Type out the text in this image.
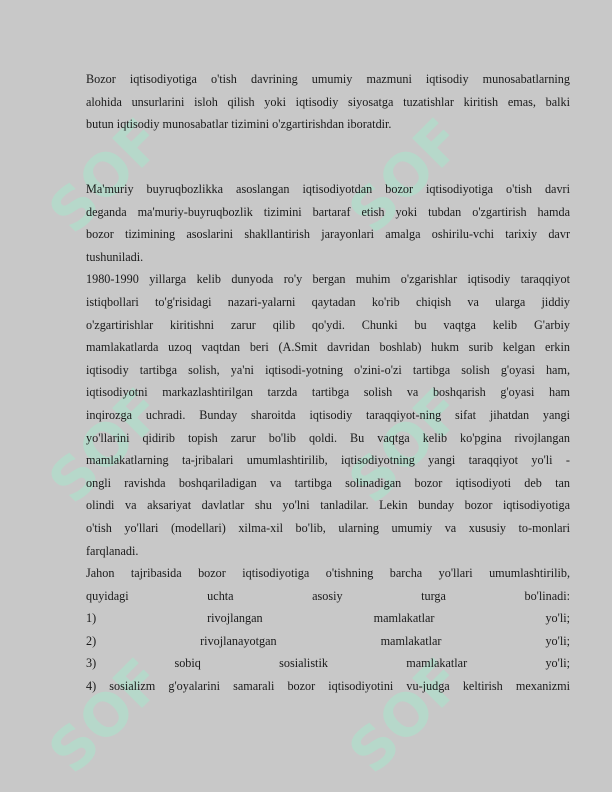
SOF	SOF
SOF	SOF
SOF	SOF
Bozor iqtisodiyotiga o'tish davrining umumiy mazmuni iqtisodiy munosabatlarning
alohida unsurlarini isloh qilish yoki iqtisodiy siyosatga tuzatishlar kiritish emas, balki
butun iqtisodiy munosabatlar tizimini o'zgartirishdan iboratdir.
Ma'muriy buyruqbozlikka asoslangan iqtisodiyotdan bozor iqtisodiyotiga o'tish davri
deganda ma'muriy-buyruqbozlik tizimini bartaraf etish yoki tubdan o'zgartirish hamda
bozor tizimining asoslarini shakllantirish jarayonlari amalga oshirilu-vchi tarixiy davr
tushuniladi.
1980-1990 yillarga kelib dunyoda ro'y bergan muhim o'zgarishlar iqtisodiy taraqqiyot
istiqbollari to'g'risidagi nazari-yalarni qaytadan ko'rib chiqish va ularga jiddiy
o'zgartirishlar kiritishni zarur qilib qo'ydi. Chunki bu vaqtga kelib G'arbiy
mamlakatlarda uzoq vaqtdan beri (A.Smit davridan boshlab) hukm surib kelgan erkin
iqtisodiy tartibga solish, ya'ni iqtisodi-yotning o'zini-o'zi tartibga solish g'oyasi ham,
iqtisodiyotni markazlashtirilgan tarzda tartibga solish va boshqarish g'oyasi ham
inqirozga uchradi. Bunday sharoitda iqtisodiy taraqqiyot-ning sifat jihatdan yangi
yo'llarini qidirib topish zarur bo'lib qoldi. Bu vaqtga kelib ko'pgina rivojlangan
mamlakatlarning ta-jribalari umumlashtirilib, iqtisodiyotning yangi taraqqiyot yo'li -
ongli ravishda boshqariladigan va tartibga solinadigan bozor iqtisodiyoti deb tan
olindi va aksariyat davlatlar shu yo'lni tanladilar. Lekin bunday bozor iqtisodiyotiga
o'tish yo'llari (modellari) xilma-xil bo'lib, ularning umumiy va xususiy to-monlari
farqlanadi.
Jahon tajribasida bozor iqtisodiyotiga o'tishning barcha yo'llari umumlashtirilib,
quyidagi uchta asosiy turga bo'linadi:
1) rivojlangan mamlakatlar yo'li;
2) rivojlanayotgan mamlakatlar yo'li;
3) sobiq sosialistik mamlakatlar yo'li;
4) sosializm g'oyalarini samarali bozor iqtisodiyotini vu-judga keltirish mexanizmi
